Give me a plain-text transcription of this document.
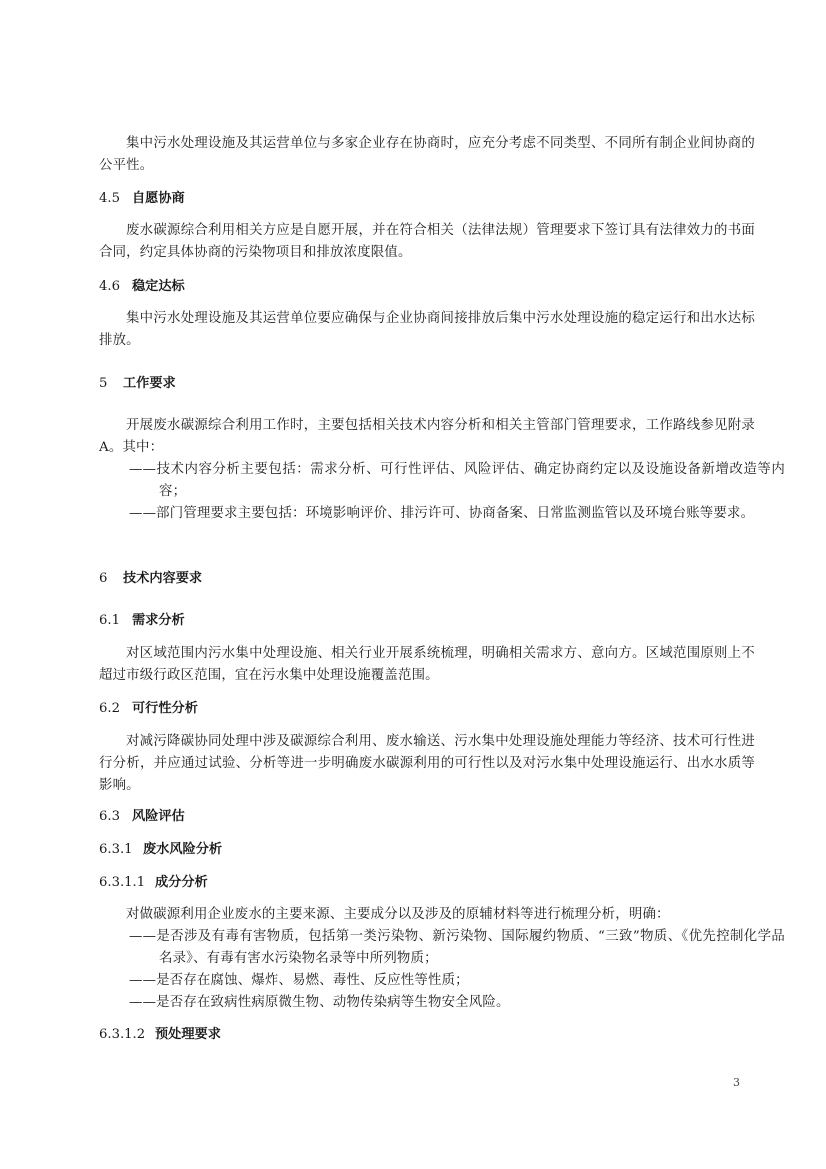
集中污水处理设施及其运营单位与多家企业存在协商时，应充分考虑不同类型、不同所有制企业间协商的公平性。

4.5 自愿协商

废水碳源综合利用相关方应是自愿开展，并在符合相关（法律法规）管理要求下签订具有法律效力的书面合同，约定具体协商的污染物项目和排放浓度限值。

4.6 稳定达标

集中污水处理设施及其运营单位要应确保与企业协商间接排放后集中污水处理设施的稳定运行和出水达标排放。

5 工作要求

开展废水碳源综合利用工作时，主要包括相关技术内容分析和相关主管部门管理要求，工作路线参见附录A。其中：

——技术内容分析主要包括：需求分析、可行性评估、风险评估、确定协商约定以及设施设备新增改造等内容；

——部门管理要求主要包括：环境影响评价、排污许可、协商备案、日常监测监管以及环境台账等要求。

6 技术内容要求
6.1 需求分析

对区域范围内污水集中处理设施、相关行业开展系统梳理，明确相关需求方、意向方。区域范围原则上不超过市级行政区范围，宜在污水集中处理设施覆盖范围。

6.2 可行性分析

对减污降碳协同处理中涉及碳源综合利用、废水输送、污水集中处理设施处理能力等经济、技术可行性进行分析，并应通过试验、分析等进一步明确废水碳源利用的可行性以及对污水集中处理设施运行、出水水质等影响。

6.3 风险评估
6.3.1 废水风险分析
6.3.1.1 成分分析

对做碳源利用企业废水的主要来源、主要成分以及涉及的原辅材料等进行梳理分析，明确：

——是否涉及有毒有害物质，包括第一类污染物、新污染物、国际履约物质、“三致”物质、《优先控制化学品名录》、有毒有害水污染物名录等中所列物质；

——是否存在腐蚀、爆炸、易燃、毒性、反应性等性质；

——是否存在致病性病原微生物、动物传染病等生物安全风险。

6.3.1.2 预处理要求
3
